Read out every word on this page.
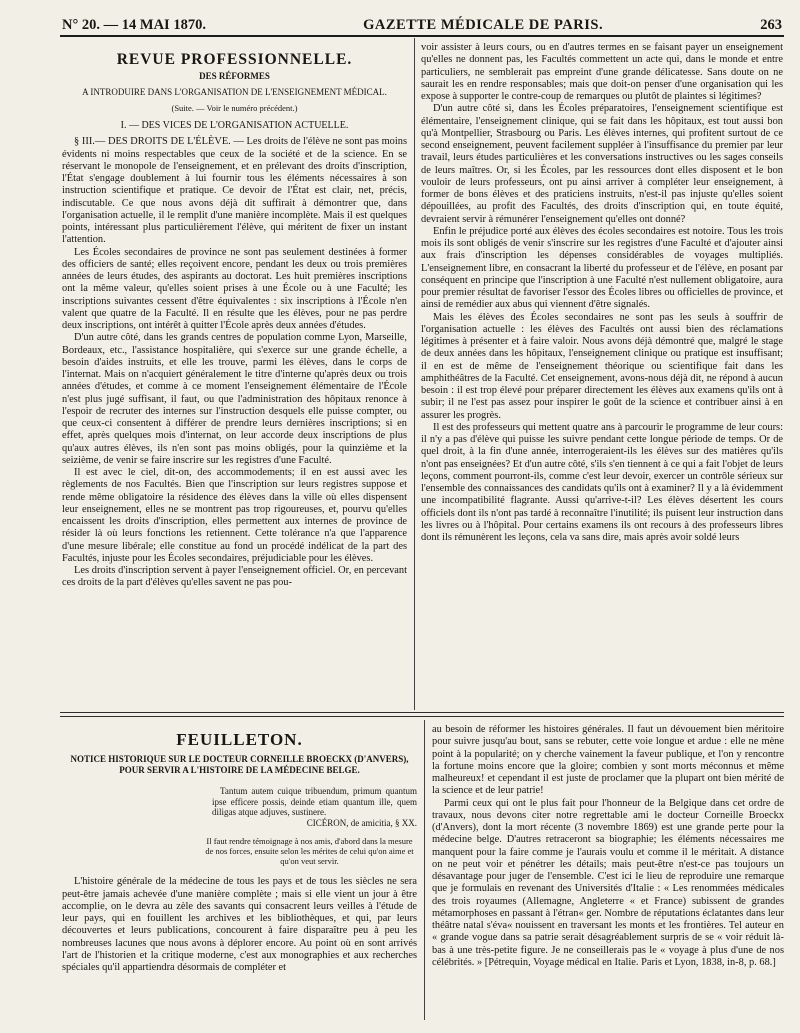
N° 20. — 14 MAI 1870.	GAZETTE MÉDICALE DE PARIS.	263
REVUE PROFESSIONNELLE.
DES RÉFORMES
A INTRODUIRE DANS L'ORGANISATION DE L'ENSEIGNEMENT MÉDICAL.
(Suite. — Voir le numéro précédent.)
I. — DES VICES DE L'ORGANISATION ACTUELLE.

§ III.— DES DROITS DE L'ÉLÈVE. — Les droits de l'élève ne sont pas moins évidents ni moins respectables que ceux de la société et de la science. En se réservant le monopole de l'enseignement, et en prélevant des droits d'inscription, l'État s'engage doublement à lui fournir tous les éléments nécessaires à son instruction scientifique et pratique. Ce devoir de l'État est clair, net, précis, indiscutable. Ce que nous avons déjà dit suffirait à démontrer que, dans l'organisation actuelle, il le remplit d'une manière incomplète. Mais il est quelques points, intéressant plus particulièrement l'élève, qui méritent de fixer un instant l'attention.

Les Écoles secondaires de province ne sont pas seulement destinées à former des officiers de santé; elles reçoivent encore, pendant les deux ou trois premières années de leurs études, des aspirants au doctorat. Les huit premières inscriptions ont la même valeur, qu'elles soient prises à une École ou à une Faculté; les inscriptions suivantes cessent d'être équivalentes : six inscriptions à l'École n'en valent que quatre de la Faculté. Il en résulte que les élèves, pour ne pas perdre deux inscriptions, ont intérêt à quitter l'École après deux années d'études.

D'un autre côté, dans les grands centres de population comme Lyon, Marseille, Bordeaux, etc., l'assistance hospitalière, qui s'exerce sur une grande échelle, a besoin d'aides instruits, et elle les trouve, parmi les élèves, dans le corps de l'internat. Mais on n'acquiert généralement le titre d'interne qu'après deux ou trois années d'études, et comme à ce moment l'enseignement élémentaire de l'École n'est plus jugé suffisant, il faut, ou que l'administration des hôpitaux renonce à l'espoir de recruter des internes sur l'instruction desquels elle puisse compter, ou que ceux-ci consentent à différer de prendre leurs dernières inscriptions; si en effet, après quelques mois d'internat, on leur accorde deux inscriptions de plus qu'aux autres élèves, ils n'en sont pas moins obligés, pour la quinzième et la seizième, de venir se faire inscrire sur les registres d'une Faculté.

Il est avec le ciel, dit-on, des accommodements; il en est aussi avec les règlements de nos Facultés. Bien que l'inscription sur leurs registres suppose et rende même obligatoire la résidence des élèves dans la ville où elles dispensent leur enseignement, elles ne se montrent pas trop rigoureuses, et, pourvu qu'elles encaissent les droits d'inscription, elles permettent aux internes de province de résider là où leurs fonctions les retiennent. Cette tolérance n'a que l'apparence d'une mesure libérale; elle constitue au fond un procédé indélicat de la part des Facultés, injuste pour les Écoles secondaires, préjudiciable pour les élèves.

Les droits d'inscription servent à payer l'enseignement officiel. Or, en percevant ces droits de la part d'élèves qu'elles savent ne pas pou-

voir assister à leurs cours, ou en d'autres termes en se faisant payer un enseignement qu'elles ne donnent pas, les Facultés commettent un acte qui, dans le monde et entre particuliers, ne semblerait pas empreint d'une grande délicatesse. Sans doute on ne saurait les en rendre responsables; mais que doit-on penser d'une organisation qui les expose à supporter le contre-coup de remarques ou plutôt de plaintes si légitimes?

D'un autre côté si, dans les Écoles préparatoires, l'enseignement scientifique est élémentaire, l'enseignement clinique, qui se fait dans les hôpitaux, est tout aussi bon qu'à Montpellier, Strasbourg ou Paris. Les élèves internes, qui profitent surtout de ce second enseignement, peuvent facilement suppléer à l'insuffisance du premier par leur travail, leurs études particulières et les conversations instructives ou les sages conseils de leurs maîtres. Or, si les Écoles, par les ressources dont elles disposent et le bon vouloir de leurs professeurs, ont pu ainsi arriver à compléter leur enseignement, à former de bons élèves et des praticiens instruits, n'est-il pas injuste qu'elles soient dépouillées, au profit des Facultés, des droits d'inscription qui, en toute équité, devraient servir à rémunérer l'enseignement qu'elles ont donné?

Enfin le préjudice porté aux élèves des écoles secondaires est notoire. Tous les trois mois ils sont obligés de venir s'inscrire sur les registres d'une Faculté et d'ajouter ainsi aux frais d'inscription les dépenses considérables de voyages multipliés. L'enseignement libre, en consacrant la liberté du professeur et de l'élève, en posant par conséquent en principe que l'inscription à une Faculté n'est nullement obligatoire, aura pour premier résultat de favoriser l'essor des Écoles libres ou officielles de province, et ainsi de remédier aux abus qui viennent d'être signalés.

Mais les élèves des Écoles secondaires ne sont pas les seuls à souffrir de l'organisation actuelle : les élèves des Facultés ont aussi bien des réclamations légitimes à présenter et à faire valoir. Nous avons déjà démontré que, malgré le stage de deux années dans les hôpitaux, l'enseignement clinique ou pratique est insuffisant; il en est de même de l'enseignement théorique ou scientifique fait dans les amphithéâtres de la Faculté. Cet enseignement, avons-nous déjà dit, ne répond à aucun besoin : il est trop élevé pour préparer directement les élèves aux examens qu'ils ont à subir; il ne l'est pas assez pour inspirer le goût de la science et contribuer ainsi à en assurer les progrès.

Il est des professeurs qui mettent quatre ans à parcourir le programme de leur cours: il n'y a pas d'élève qui puisse les suivre pendant cette longue période de temps. Or de quel droit, à la fin d'une année, interrogeraient-ils les élèves sur des matières qu'ils n'ont pas enseignées? Et d'un autre côté, s'ils s'en tiennent à ce qui a fait l'objet de leurs leçons, comment pourront-ils, comme c'est leur devoir, exercer un contrôle sérieux sur l'ensemble des connaissances des candidats qu'ils ont à examiner? Il y a là évidemment une incompatibilité flagrante. Aussi qu'arrive-t-il? Les élèves désertent les cours officiels dont ils n'ont pas tardé à reconnaître l'inutilité; ils puisent leur instruction dans les livres ou à l'hôpital. Pour certains examens ils ont recours à des professeurs libres dont ils rémunèrent les leçons, cela va sans dire, mais après avoir soldé leurs

FEUILLETON.
NOTICE HISTORIQUE SUR LE DOCTEUR CORNEILLE BROECKX (D'ANVERS),
POUR SERVIR A L'HISTOIRE DE LA MÉDECINE BELGE.
Tantum autem cuique tribuendum, primum quantum ipse efficere possis, deinde etiam quantum ille, quem diligas atque adjuves, sustinere.
CICÉRON, de amicitia, § XX.
Il faut rendre témoignage à nos amis, d'abord dans la mesure de nos forces, ensuite selon les mérites de celui qu'on aime et qu'on veut servir.

L'histoire générale de la médecine de tous les pays et de tous les siècles ne sera peut-être jamais achevée d'une manière complète ; mais si elle vient un jour à être accomplie, on le devra au zèle des savants qui consacrent leurs veilles à l'étude de leur pays, qui en fouillent les archives et les bibliothèques, et qui, par leurs découvertes et leurs publications, concourent à faire disparaître peu à peu les nombreuses lacunes que nous avons à déplorer encore. Au point où en sont arrivés l'art de l'historien et la critique moderne, c'est aux monographies et aux recherches spéciales qu'il appartiendra désormais de compléter et

au besoin de réformer les histoires générales. Il faut un dévouement bien méritoire pour suivre jusqu'au bout, sans se rebuter, cette voie longue et ardue : elle ne mène point à la popularité; on y cherche vainement la faveur publique, et l'on y rencontre la fortune moins encore que la gloire; combien y sont morts méconnus et même malheureux! et cependant il est juste de proclamer que la plupart ont bien mérité de la science et de leur patrie!

Parmi ceux qui ont le plus fait pour l'honneur de la Belgique dans cet ordre de travaux, nous devons citer notre regrettable ami le docteur Corneille Broeckx (d'Anvers), dont la mort récente (3 novembre 1869) est une grande perte pour la médecine belge. D'autres retraceront sa biographie; les éléments nécessaires me manquent pour la faire comme je l'aurais voulu et comme il le méritait. A distance on ne peut voir et pénétrer les détails; mais peut-être n'est-ce pas toujours un désavantage pour juger de l'ensemble. C'est ici le lieu de reproduire une remarque que je formulais en revenant des Universités d'Italie : « Les renommées médicales des trois royaumes (Allemagne, Angleterre « et France) subissent de grandes métamorphoses en passant à l'étran« ger. Nombre de réputations éclatantes dans leur théâtre natal s'éva« nouissent en traversant les monts et les frontières. Tel auteur en « grande vogue dans sa patrie serait désagréablement surpris de se « voir réduit là-bas à une très-petite figure. Je ne conseillerais pas le « voyage à plus d'une de nos célébrités. » [Pétrequin, Voyage médical en Italie. Paris et Lyon, 1838, in-8, p. 68.]
